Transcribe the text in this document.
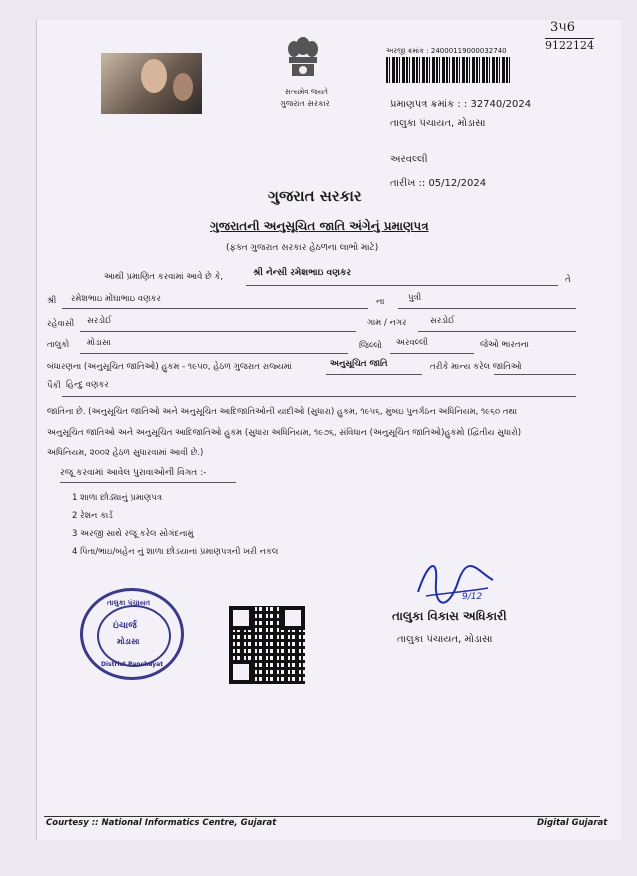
3૫6
9122124
સત્યમેવ જયતે
ગુજરાત સરકાર
અરજી ક્રમાંક : 24000119000032740
પ્રમાણપત્ર ક્રમાંક : : 32740/2024
તાલુકા પંચાયત, મોડાસા
અરવલ્લી
તારીખ :: 05/12/2024
ગુજરાત સરકાર
ગુજરાતની અનુસૂચિત જાતિ અંગેનું પ્રમાણપત્ર
(ફક્ત ગુજરાત સરકાર હેઠળના લાભો માટે)
આથી પ્રમાણિત કરવામાં આવે છે કે,	શ્રી નેન્સી રમેશભાઇ વણકર
તે
શ્રી રમેશભાઇ મોંઘાભાઇ વણકર	ના	પુત્રી
રહેવાસી સરડોઈ	ગામ / નગર	સરડોઈ
તાલુકો મોડાસા	જિલ્લો અરવલ્લી	જેઓ ભારતના
બંધારણના (અનુસૂચિત જાતિઓ) હુકમ - ૧૯૫૦, હેઠળ ગુજરાત રાજ્યમાં	અનુસૂચિત જાતિ	તરીકે માન્ય કરેલ જાતિઓ
પૈકી હિન્દુ વણકર
જાતિના છે. (અનુસૂચિત જાતિઓ અને અનુસૂચિત આદિજાતિઓની યાદીઓ (સુધારા) હુકમ, ૧૯૫૬, મુંબઇ પુનર્ગઠન અધિનિયમ, ૧૯૬૦ તથા
અનુસૂચિત જાતિઓ અને અનુસૂચિત આદિજાતિઓ હુકમ (સુધારા અધિનિયમ, ૧૯૭૬, સંવિધાન (અનુસૂચિત જાતિઓ)હુકમો (દ્વિતીય સુધારો)
અધિનિયમ, ૨૦૦૨ હેઠળ સુધારવામાં આવી છે.)
રજૂ કરવામાં આવેલ પુરાવાઓની વિગત :-
1 શાળા છોડ્યાનું પ્રમાણપત્ર
2 રેશન કાર્ડ
3 અરજી સાથે રજૂ કરેલ સોગંદનામું
4 પિતા/ભાઇ/બહેન નું શાળા છોડયાનાં પ્રમાણપત્રની ખરી નકલ
તાલુકા પંચાયત
ઇંચાર્જ
મોડાસા
District Panchayat
9/12
તાલુકા વિકાસ અધિકારી
તાલુકા પંચાયત, મોડાસા
Courtesy :: National Informatics Centre, Gujarat	Digital Gujarat
